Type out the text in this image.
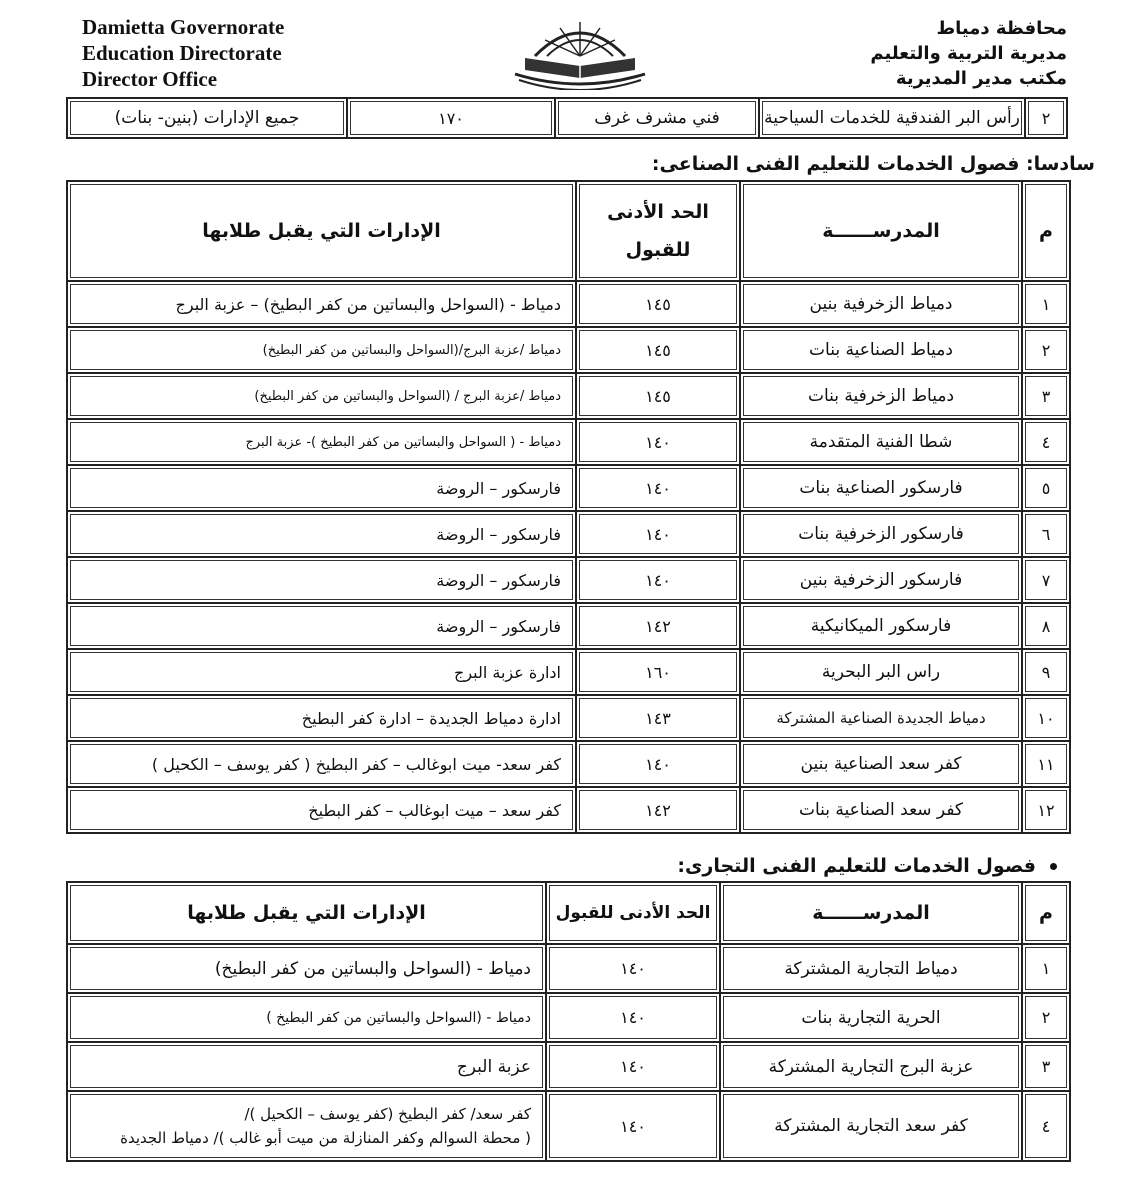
Damietta Governorate
Education Directorate
Director Office
محافظة دمياط
مديرية التربية والتعليم
مكتب مدير المديرية
٢	رأس البر الفندقية للخدمات السياحية	فني مشرف غرف	١٧٠	جميع الإدارات (بنين- بنات)
سادسا: فصول الخدمات للتعليم الفنى الصناعى:
م	المدرســــــة	الحد الأدنى للقبول	الإدارات التي يقبل طلابها
١	دمياط الزخرفية بنين	١٤٥	دمياط - (السواحل والبساتين من كفر البطيخ) – عزبة البرج
٢	دمياط الصناعية بنات	١٤٥	دمياط /عزبة البرج/(السواحل والبساتين من كفر البطيخ)
٣	دمياط الزخرفية بنات	١٤٥	دمياط /عزبة البرج / (السواحل والبساتين من كفر البطيخ)
٤	شطا الفنية المتقدمة	١٤٠	دمياط - ( السواحل والبساتين من كفر البطيخ )- عزبة البرج
٥	فارسكور الصناعية بنات	١٤٠	فارسكور – الروضة
٦	فارسكور الزخرفية بنات	١٤٠	فارسكور – الروضة
٧	فارسكور الزخرفية بنين	١٤٠	فارسكور – الروضة
٨	فارسكور الميكانيكية	١٤٢	فارسكور – الروضة
٩	راس البر البحرية	١٦٠	ادارة عزبة البرج
١٠	دمياط الجديدة الصناعية المشتركة	١٤٣	ادارة دمياط الجديدة – ادارة كفر البطيخ
١١	كفر سعد الصناعية بنين	١٤٠	كفر سعد- ميت ابوغالب – كفر البطيخ ( كفر يوسف – الكحيل )
١٢	كفر سعد الصناعية بنات	١٤٢	كفر سعد – ميت ابوغالب – كفر البطيخ
فصول الخدمات للتعليم الفنى التجارى:
م	المدرســــــة	الحد الأدنى للقبول	الإدارات التي يقبل طلابها
١	دمياط التجارية المشتركة	١٤٠	دمياط - (السواحل والبساتين من كفر البطيخ)
٢	الحرية التجارية بنات	١٤٠	دمياط - (السواحل والبساتين من كفر البطيخ )
٣	عزبة البرج التجارية المشتركة	١٤٠	عزبة البرج
٤	كفر سعد التجارية المشتركة	١٤٠	كفر سعد/ كفر البطيخ (كفر يوسف – الكحيل )/
( محطة السوالم وكفر المنازلة من ميت أبو غالب )/ دمياط الجديدة
